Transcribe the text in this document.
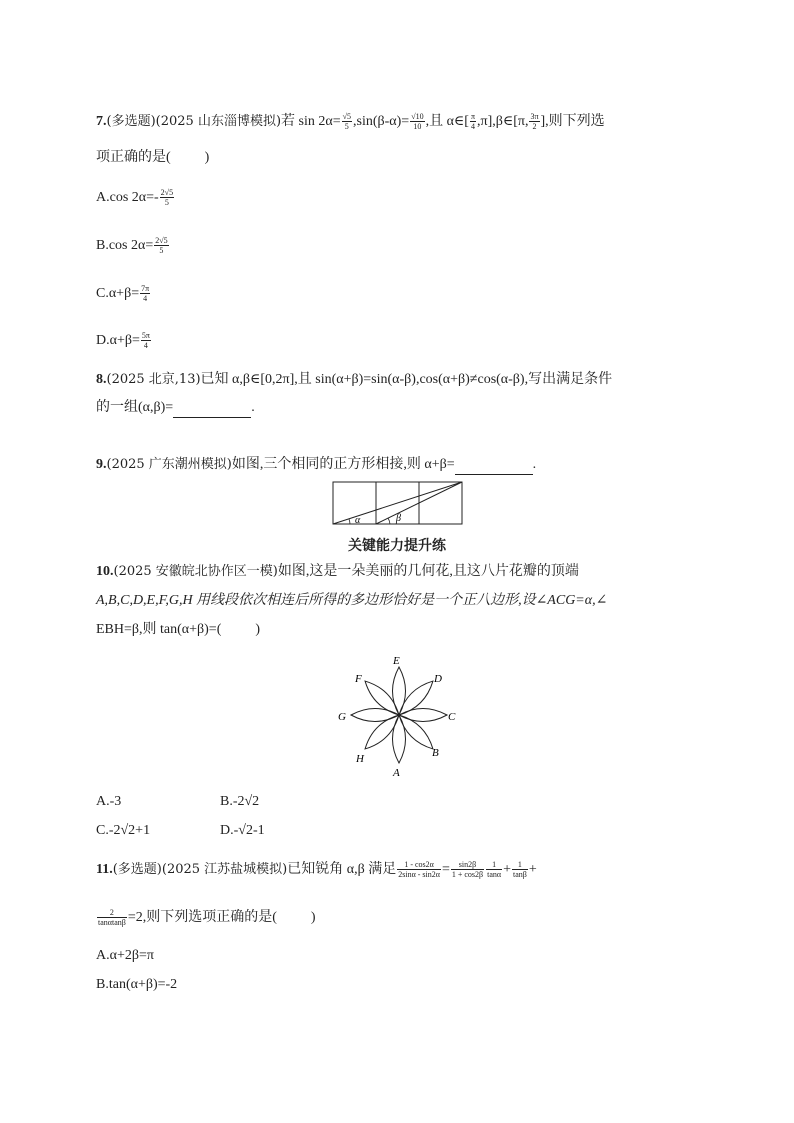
7.(多选题)(2025 山东淄博模拟)若 $\sin 2\alpha= \frac{√5}{5} ,\sin(\beta-\alpha)= \frac{√10}{10}$ ,且 α∈[ $\frac{\pi}{4}$ ,π],β∈[π, $\frac{3\pi}{2}$ ],则下列选
项正确的是( )
A.cos $2\alpha=- \frac{2√5}{5}$
B.cos $2\alpha= \frac{2√5}{5}$
$C.\alpha+\beta= \frac{7\pi}{4}$
$D.\alpha+\beta= \frac{5\pi}{4}$
8.(2025 北京,13)已知 α,β∈[0,2π],且 sin(α+β)=sin(α-β),cos(α+β)≠cos(α-β),写出满足条件
的一组(α,β)=	.
9.(2025 广东潮州模拟)如图,三个相同的正方形相接,则 α+β=	.
α	β
关键能力提升练
10.(2025 安徽皖北协作区一模)如图,这是一朵美丽的几何花,且这八片花瓣的顶端
A,B,C,D,E,F,G,H 用线段依次相连后所得的多边形恰好是一个正八边形,设∠ACG=α,∠
EBH=β,则 tan(α+β)=( )
E
D
C
B
A
H
G
F
A.-3	B.-2√2
C.-2√2+1	D.-√2-1
11.(多选题)(2025 江苏盐城模拟)已知锐角 α,β 满足 $\frac{1 - \cos 2\alpha}{2\sin\alpha - \sin 2\alpha} = \frac{\sin 2\beta}{1 + \cos 2\beta} \frac{1}{\tan\alpha} + \frac{1}{\tan\beta}$ +
$\frac{2}{\tan\alpha\tan\beta} =2$,则下列选项正确的是( )
A.α+2β=π
B.tan(α+β)=-2
